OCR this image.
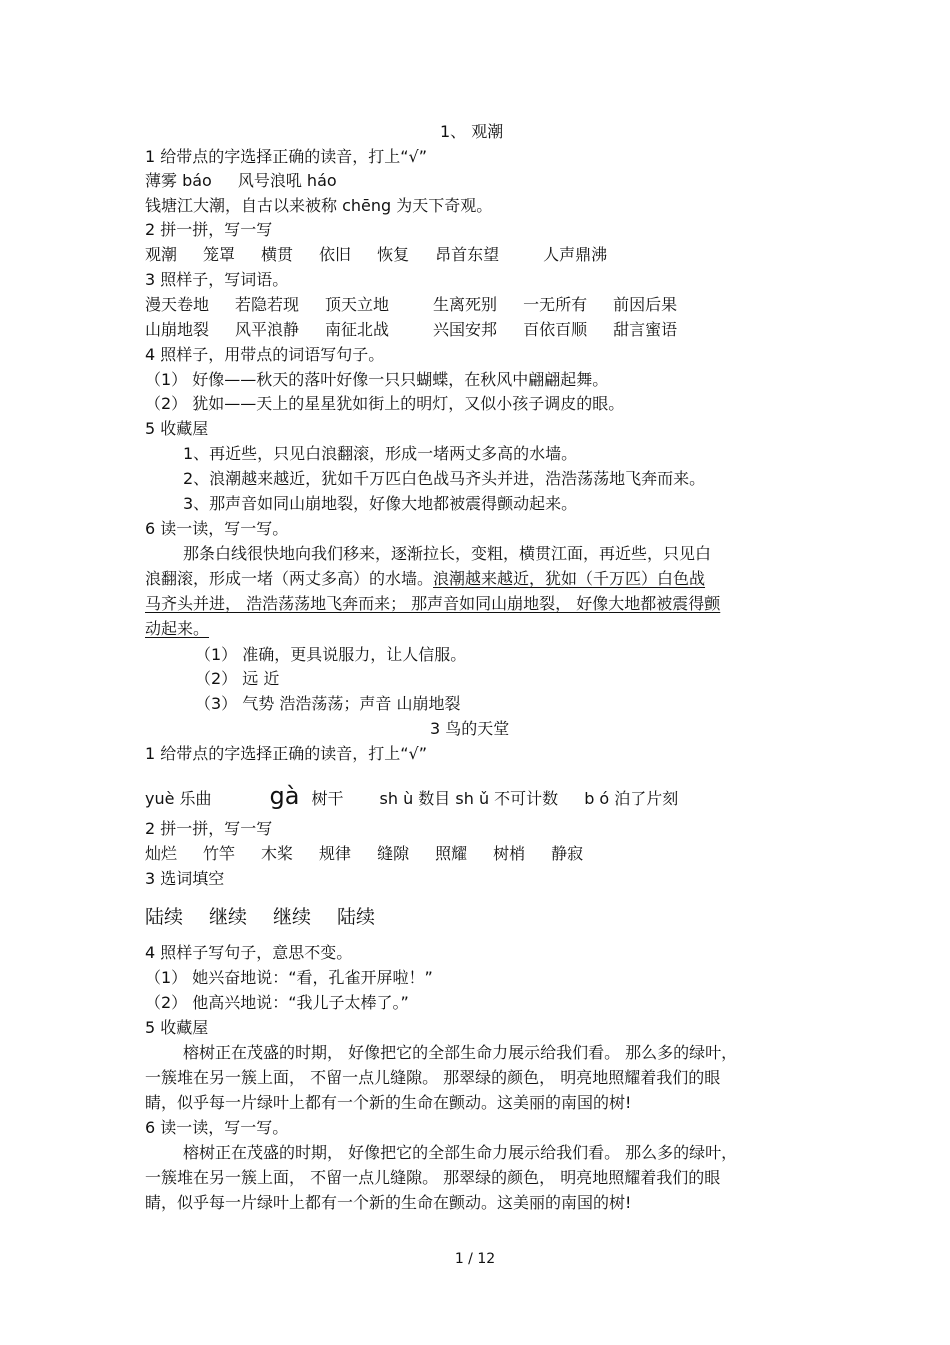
1、 观潮
1 给带点的字选择正确的读音，打上“√”
薄雾 báo 风号浪吼 háo
钱塘江大潮，自古以来被称 chēng 为天下奇观。
2 拼一拼，写一写
观潮 笼罩 横贯 依旧 恢复 昂首东望	人声鼎沸
3 照样子，写词语。
漫天卷地 若隐若现 顶天立地	生离死别 一无所有 前因后果
山崩地裂 风平浪静 南征北战	兴国安邦 百依百顺 甜言蜜语
4 照样子，用带点的词语写句子。
（1） 好像——秋天的落叶好像一只只蝴蝶，在秋风中翩翩起舞。
（2） 犹如——天上的星星犹如街上的明灯，又似小孩子调皮的眼。
5 收藏屋
1、再近些，只见白浪翻滚，形成一堵两丈多高的水墙。
2、浪潮越来越近，犹如千万匹白色战马齐头并进，浩浩荡荡地飞奔而来。
3、那声音如同山崩地裂，好像大地都被震得颤动起来。
6 读一读，写一写。
那条白线很快地向我们移来，逐渐拉长，变粗，横贯江面，再近些，只见白
浪翻滚，形成一堵（两丈多高）的水墙。浪潮越来越近，犹如（千万匹）白色战
马齐头并进， 浩浩荡荡地飞奔而来； 那声音如同山崩地裂， 好像大地都被震得颤
动起来。
（1） 准确，更具说服力，让人信服。
（2） 远 近
（3） 气势 浩浩荡荡；声音 山崩地裂
3 鸟的天堂
1 给带点的字选择正确的读音，打上“√”
yuè 乐曲 gà 树干 sh ù 数目 sh ǔ 不可计数 b ó 泊了片刻
2 拼一拼，写一写
灿烂 竹竿 木桨 规律 缝隙 照耀 树梢 静寂
3 选词填空
陆续 继续 继续 陆续
4 照样子写句子，意思不变。
（1） 她兴奋地说：“看，孔雀开屏啦！”
（2） 他高兴地说：“我儿子太棒了。”
5 收藏屋
榕树正在茂盛的时期， 好像把它的全部生命力展示给我们看。 那么多的绿叶，
一簇堆在另一簇上面， 不留一点儿缝隙。 那翠绿的颜色， 明亮地照耀着我们的眼
睛，似乎每一片绿叶上都有一个新的生命在颤动。这美丽的南国的树!
6 读一读，写一写。
榕树正在茂盛的时期， 好像把它的全部生命力展示给我们看。 那么多的绿叶，
一簇堆在另一簇上面， 不留一点儿缝隙。 那翠绿的颜色， 明亮地照耀着我们的眼
睛，似乎每一片绿叶上都有一个新的生命在颤动。这美丽的南国的树!
1 / 12
